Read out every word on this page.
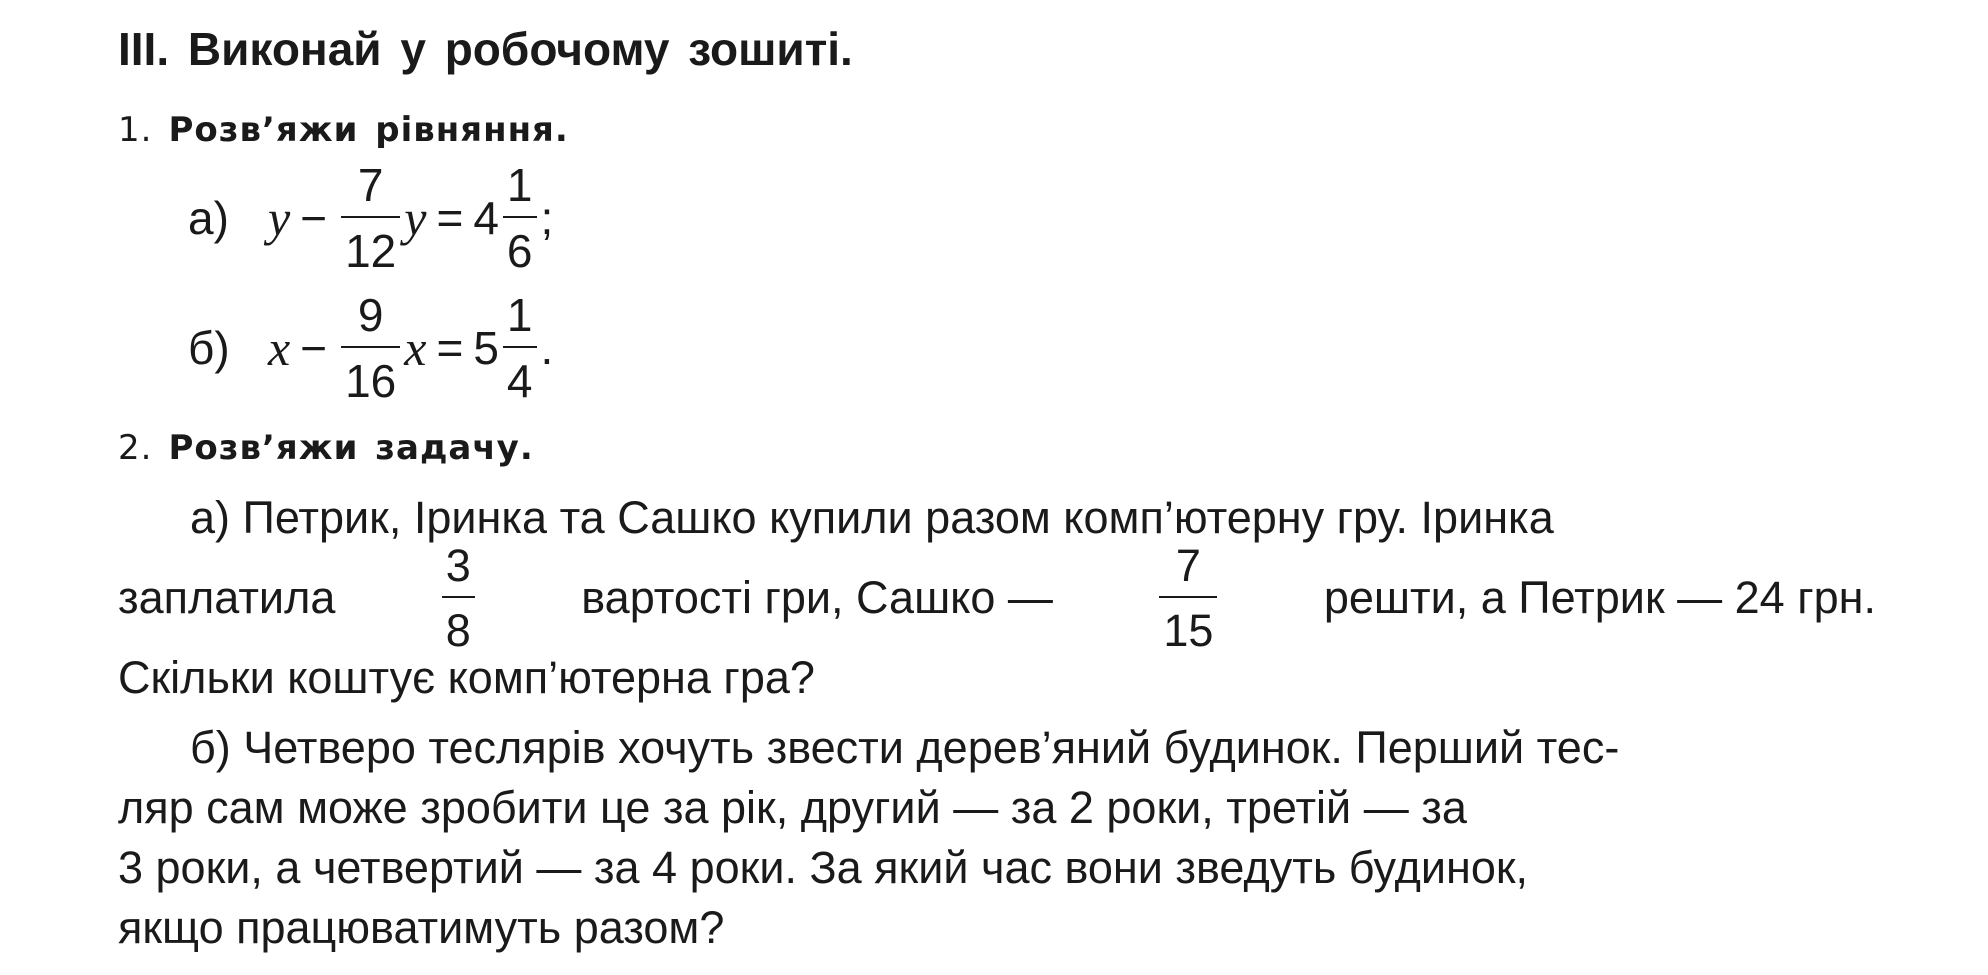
III. Виконай у робочому зошиті.
1. Розв’яжи рівняння.
а) $y - \frac{7}{12}$ $y = 4 \frac{1}{6}$ ;
б) $x - \frac{9}{16}$ $x = 5 \frac{1}{4}$ .
2. Розв’яжи задачу.
а) Петрик, Іринка та Сашко купили разом комп’ютерну гру. Іринка
заплатила $\frac{3}{8}$ вартості гри, Сашко — $\frac{7}{15}$ решти, а Петрик — 24 грн.
Скільки коштує комп’ютерна гра?
б) Четверо теслярів хочуть звести дерев’яний будинок. Перший тес-
ляр сам може зробити це за рік, другий — за 2 роки, третій — за
3 роки, а четвертий — за 4 роки. За який час вони зведуть будинок,
якщо працюватимуть разом?
